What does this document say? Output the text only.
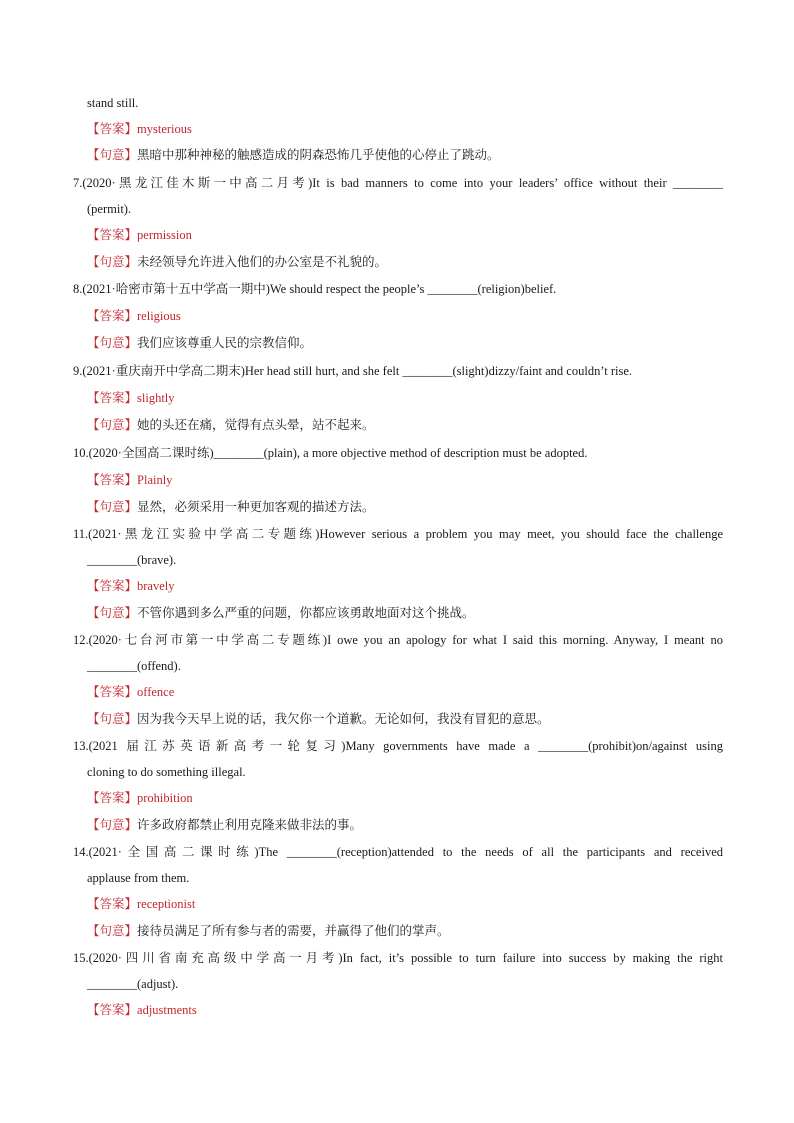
stand still.
【答案】mysterious
【句意】黑暗中那种神秘的触感造成的阴森恐怖几乎使他的心停止了跳动。
7.(2020·黑龙江佳木斯一中高二月考)It is bad manners to come into your leaders’ office without their ________
(permit).
【答案】permission
【句意】未经领导允许进入他们的办公室是不礼貌的。
8.(2021·哈密市第十五中学高一期中)We should respect the people’s ________(religion)belief.
【答案】religious
【句意】我们应该尊重人民的宗教信仰。
9.(2021·重庆南开中学高二期末)Her head still hurt, and she felt ________(slight)dizzy/faint and couldn’t rise.
【答案】slightly
【句意】她的头还在痛，觉得有点头晕，站不起来。
10.(2020·全国高二课时练)________(plain), a more objective method of description must be adopted.
【答案】Plainly
【句意】显然，必须采用一种更加客观的描述方法。
11.(2021·黑龙江实验中学高二专题练)However serious a problem you may meet, you should face the challenge
________(brave).
【答案】bravely
【句意】不管你遇到多么严重的问题，你都应该勇敢地面对这个挑战。
12.(2020·七台河市第一中学高二专题练)I owe you an apology for what I said this morning. Anyway, I meant no
________(offend).
【答案】offence
【句意】因为我今天早上说的话，我欠你一个道歉。无论如何，我没有冒犯的意思。
13.(2021 届江苏英语新高考一轮复习)Many governments have made a ________(prohibit)on/against using
cloning to do something illegal.
【答案】prohibition
【句意】许多政府都禁止利用克隆来做非法的事。
14.(2021·全国高二课时练)The ________(reception)attended to the needs of all the participants and received
applause from them.
【答案】receptionist
【句意】接待员满足了所有参与者的需要，并赢得了他们的掌声。
15.(2020·四川省南充高级中学高一月考)In fact, it’s possible to turn failure into success by making the right
________(adjust).
【答案】adjustments
